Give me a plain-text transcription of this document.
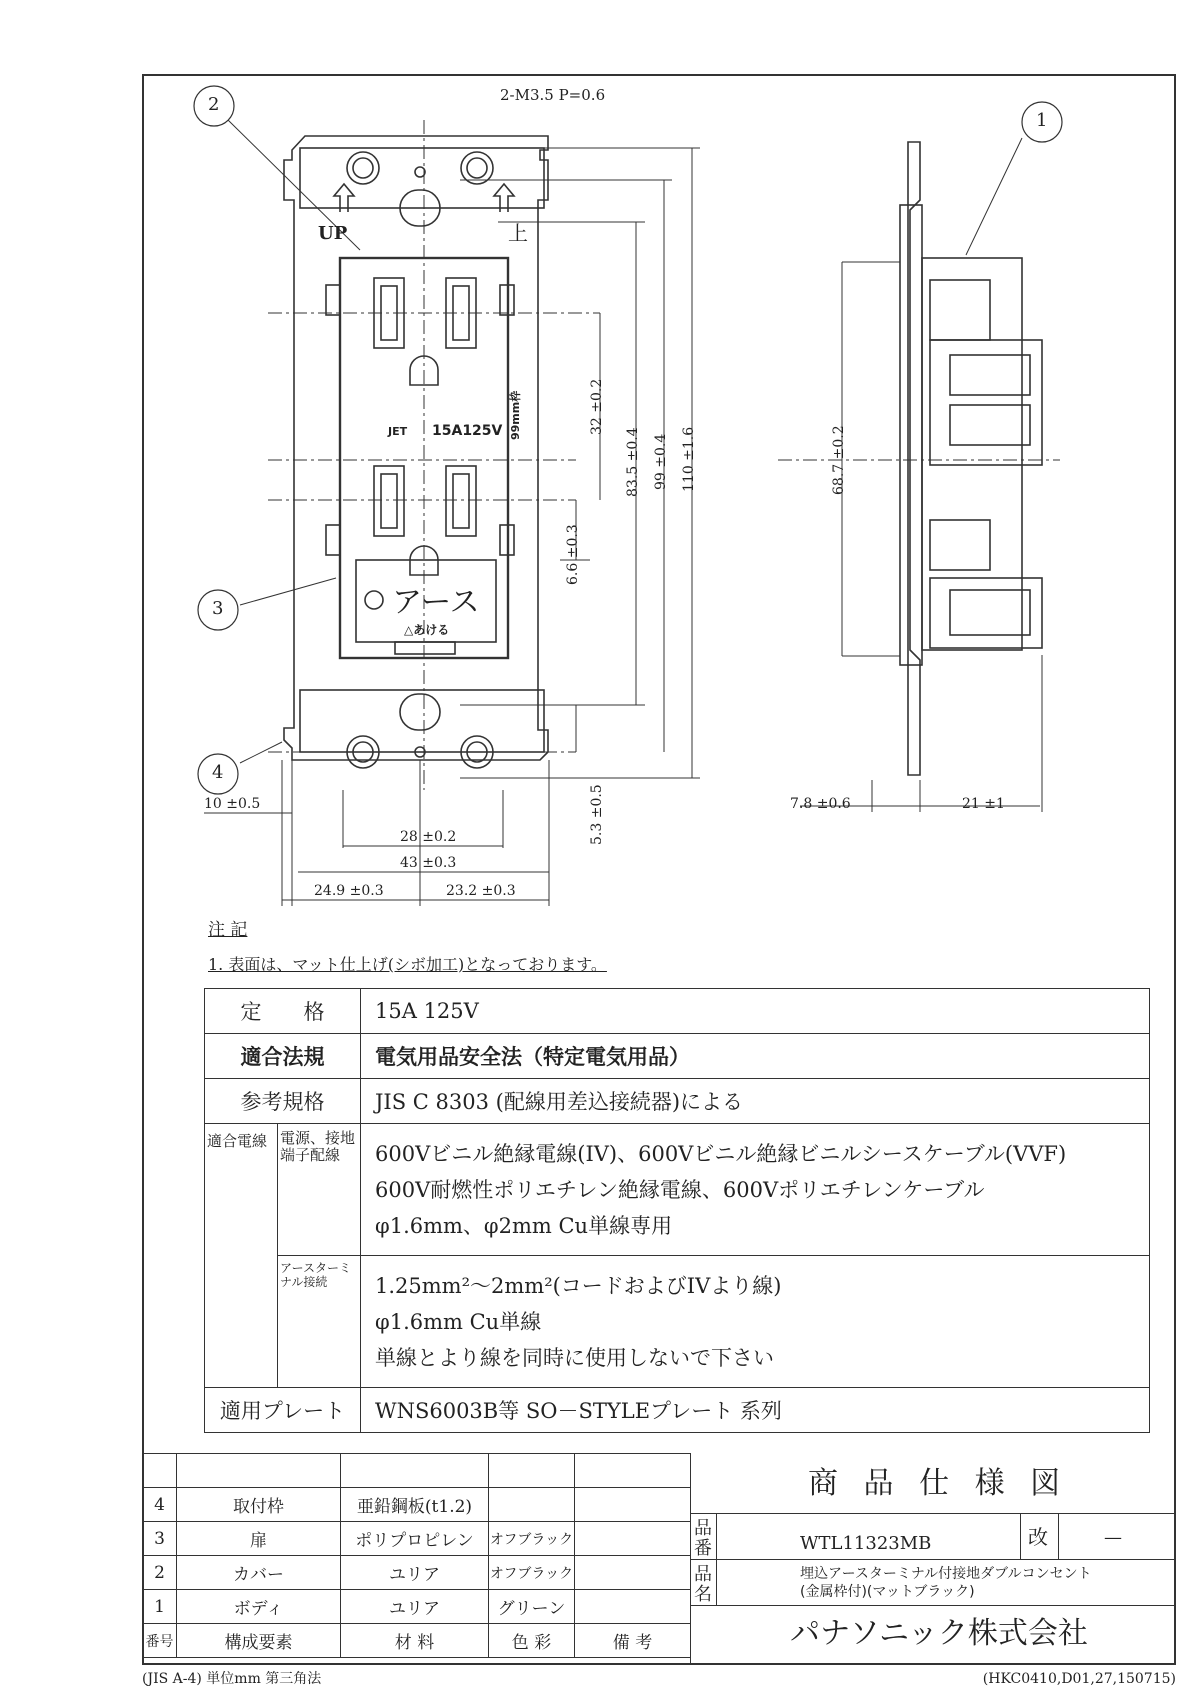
2
1
3
4
2-M3.5 P=0.6
UP	上
JET 15A125V 99mm枠
アース
△あける
32 ±0.2
83.5 ±0.4 99 ±0.4 110 ±1.6
6.6 ±0.3
5.3 ±0.5
68.7 ±0.2
10 ±0.5
28 ±0.2
43 ±0.3
24.9 ±0.3	23.2 ±0.3
7.8 ±0.6	21 ±1
注 記
1. 表面は、マット仕上げ(シボ加工)となっております。
定　　格		15A 125V
適合法規		電気用品安全法（特定電気用品）
参考規格		JIS C 8303 (配線用差込接続器)による
適合電線	電源、接地端子配線	600Vビニル絶縁電線(IV)、600Vビニル絶縁ビニルシースケーブル(VVF)
600V耐燃性ポリエチレン絶縁電線、600Vポリエチレンケーブル
φ1.6mm、φ2mm Cu単線専用

	アースターミナル接続	1.25mm²～2mm²(コードおよびIVより線)
φ1.6mm Cu単線
単線とより線を同時に使用しないで下さい

適用プレート		WNS6003B等 SO－STYLEプレート 系列

4	取付枠	亜鉛鋼板(t1.2)		
3	扉	ポリプロピレン	オフブラック	
2	カバー	ユリア	オフブラック	
1	ボディ	ユリア	グリーン	
番号	構成要素	材 料	色 彩	備 考
商 品 仕 様 図
品番	WTL11323MB	改	—
品名
埋込アースターミナル付接地ダブルコンセント
(金属枠付)(マットブラック)
パナソニック株式会社
(JIS A-4) 単位mm 第三角法	(HKC0410,D01,27,150715)
